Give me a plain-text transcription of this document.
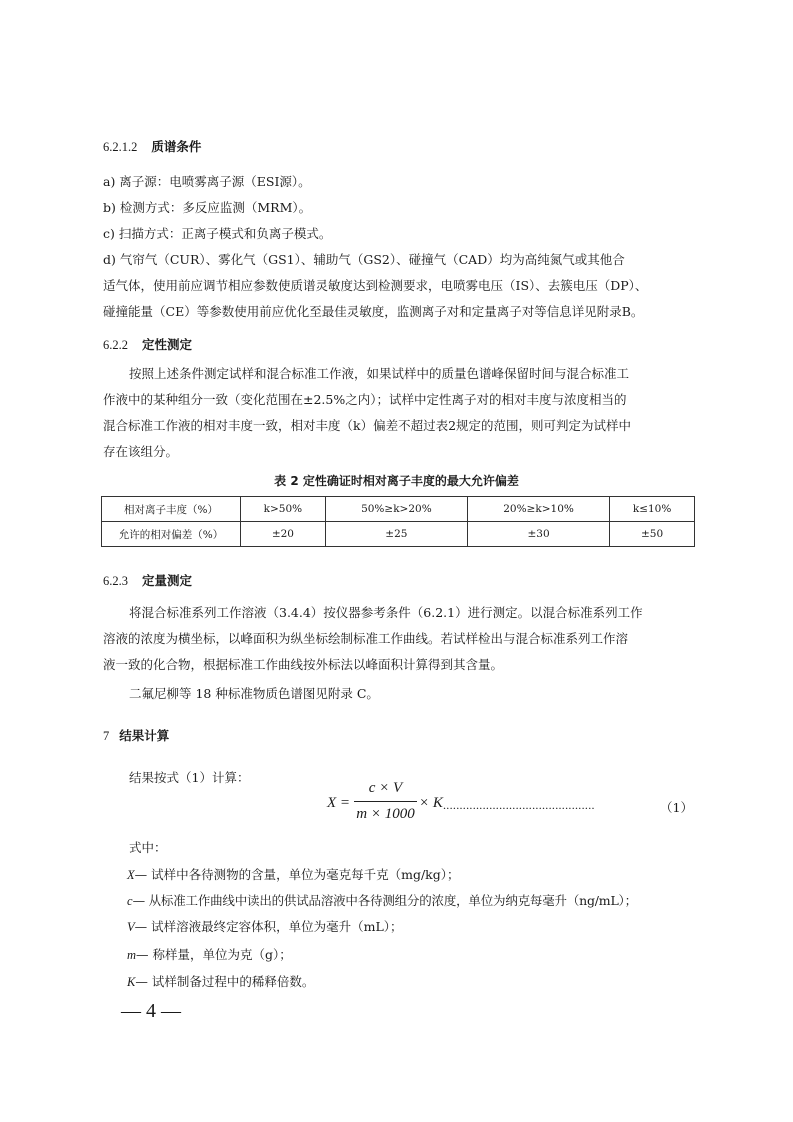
6.2.1.2 质谱条件
a) 离子源：电喷雾离子源（ESI源）。
b) 检测方式：多反应监测（MRM）。
c) 扫描方式：正离子模式和负离子模式。
d) 气帘气（CUR）、雾化气（GS1）、辅助气（GS2）、碰撞气（CAD）均为高纯氮气或其他合
适气体，使用前应调节相应参数使质谱灵敏度达到检测要求，电喷雾电压（IS）、去簇电压（DP）、
碰撞能量（CE）等参数使用前应优化至最佳灵敏度，监测离子对和定量离子对等信息详见附录B。
6.2.2 定性测定
按照上述条件测定试样和混合标准工作液，如果试样中的质量色谱峰保留时间与混合标准工
作液中的某种组分一致（变化范围在±2.5%之内）；试样中定性离子对的相对丰度与浓度相当的
混合标准工作液的相对丰度一致，相对丰度（k）偏差不超过表2规定的范围，则可判定为试样中
存在该组分。
表 2 定性确证时相对离子丰度的最大允许偏差
相对离子丰度（%）	k>50%	50%≥k>20%	20%≥k>10%	k≤10%
允许的相对偏差（%）	±20	±25	±30	±50
6.2.3 定量测定
将混合标准系列工作溶液（3.4.4）按仪器参考条件（6.2.1）进行测定。以混合标准系列工作
溶液的浓度为横坐标，以峰面积为纵坐标绘制标准工作曲线。若试样检出与混合标准系列工作溶
液一致的化合物，根据标准工作曲线按外标法以峰面积计算得到其含量。
二氟尼柳等 18 种标准物质色谱图见附录 C。
7 结果计算
结果按式（1）计算：
X =
c × V
m × 1000
× K ..............................................	（1）
式中：
X— 试样中各待测物的含量，单位为毫克每千克（mg/kg）；
c— 从标准工作曲线中读出的供试品溶液中各待测组分的浓度，单位为纳克每毫升（ng/mL）；
V— 试样溶液最终定容体积，单位为毫升（mL）；
m— 称样量，单位为克（g）；
K— 试样制备过程中的稀释倍数。
— 4 —
